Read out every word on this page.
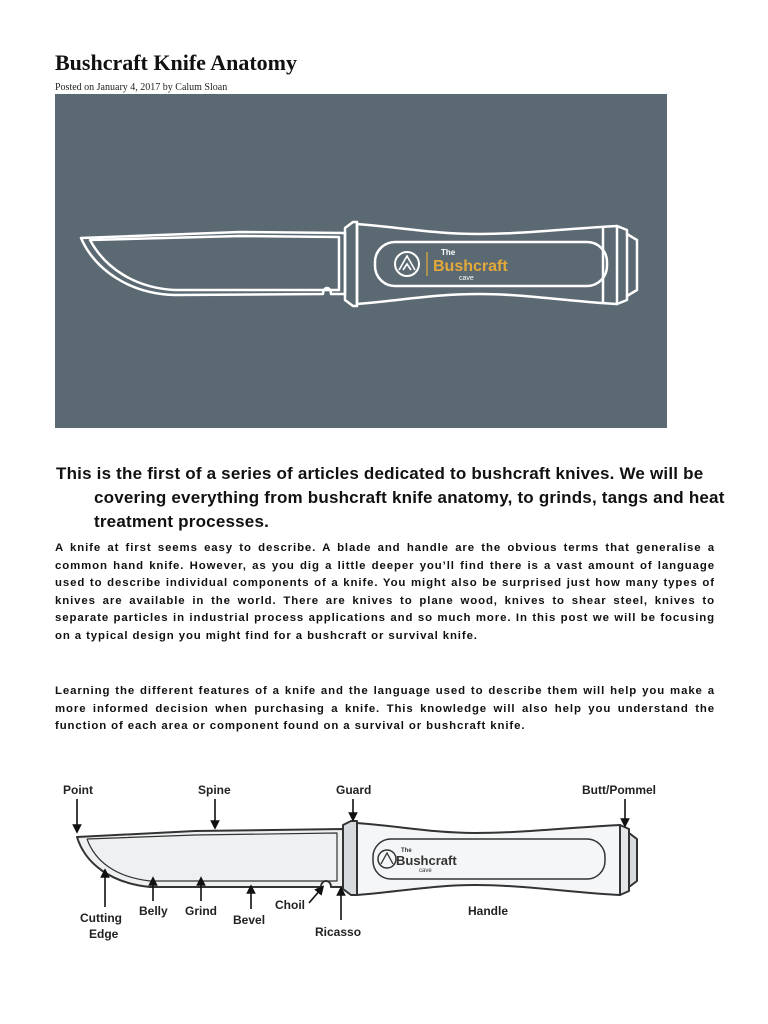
Bushcraft Knife Anatomy
Posted on January 4, 2017 by Calum Sloan
The
Bushcraft
cave

This is the first of a series of articles dedicated to bushcraft knives. We will be covering everything from bushcraft knife anatomy, to grinds, tangs and heat treatment processes.

A knife at first seems easy to describe. A blade and handle are the obvious terms that generalise a common hand knife. However, as you dig a little deeper you’ll find there is a vast amount of language used to describe individual components of a knife. You might also be surprised just how many types of knives are available in the world. There are knives to plane wood, knives to shear steel, knives to separate particles in industrial process applications and so much more. In this post we will be focusing on a typical design you might find for a bushcraft or survival knife.

Learning the different features of a knife and the language used to describe them will help you make a more informed decision when purchasing a knife. This knowledge will also help you understand the function of each area or component found on a survival or bushcraft knife.

The
Bushcraft
cave
Point	Spine	Guard	Butt/Pommel
Cutting
Edge
Belly Grind
Bevel
Choil
Ricasso
Handle
